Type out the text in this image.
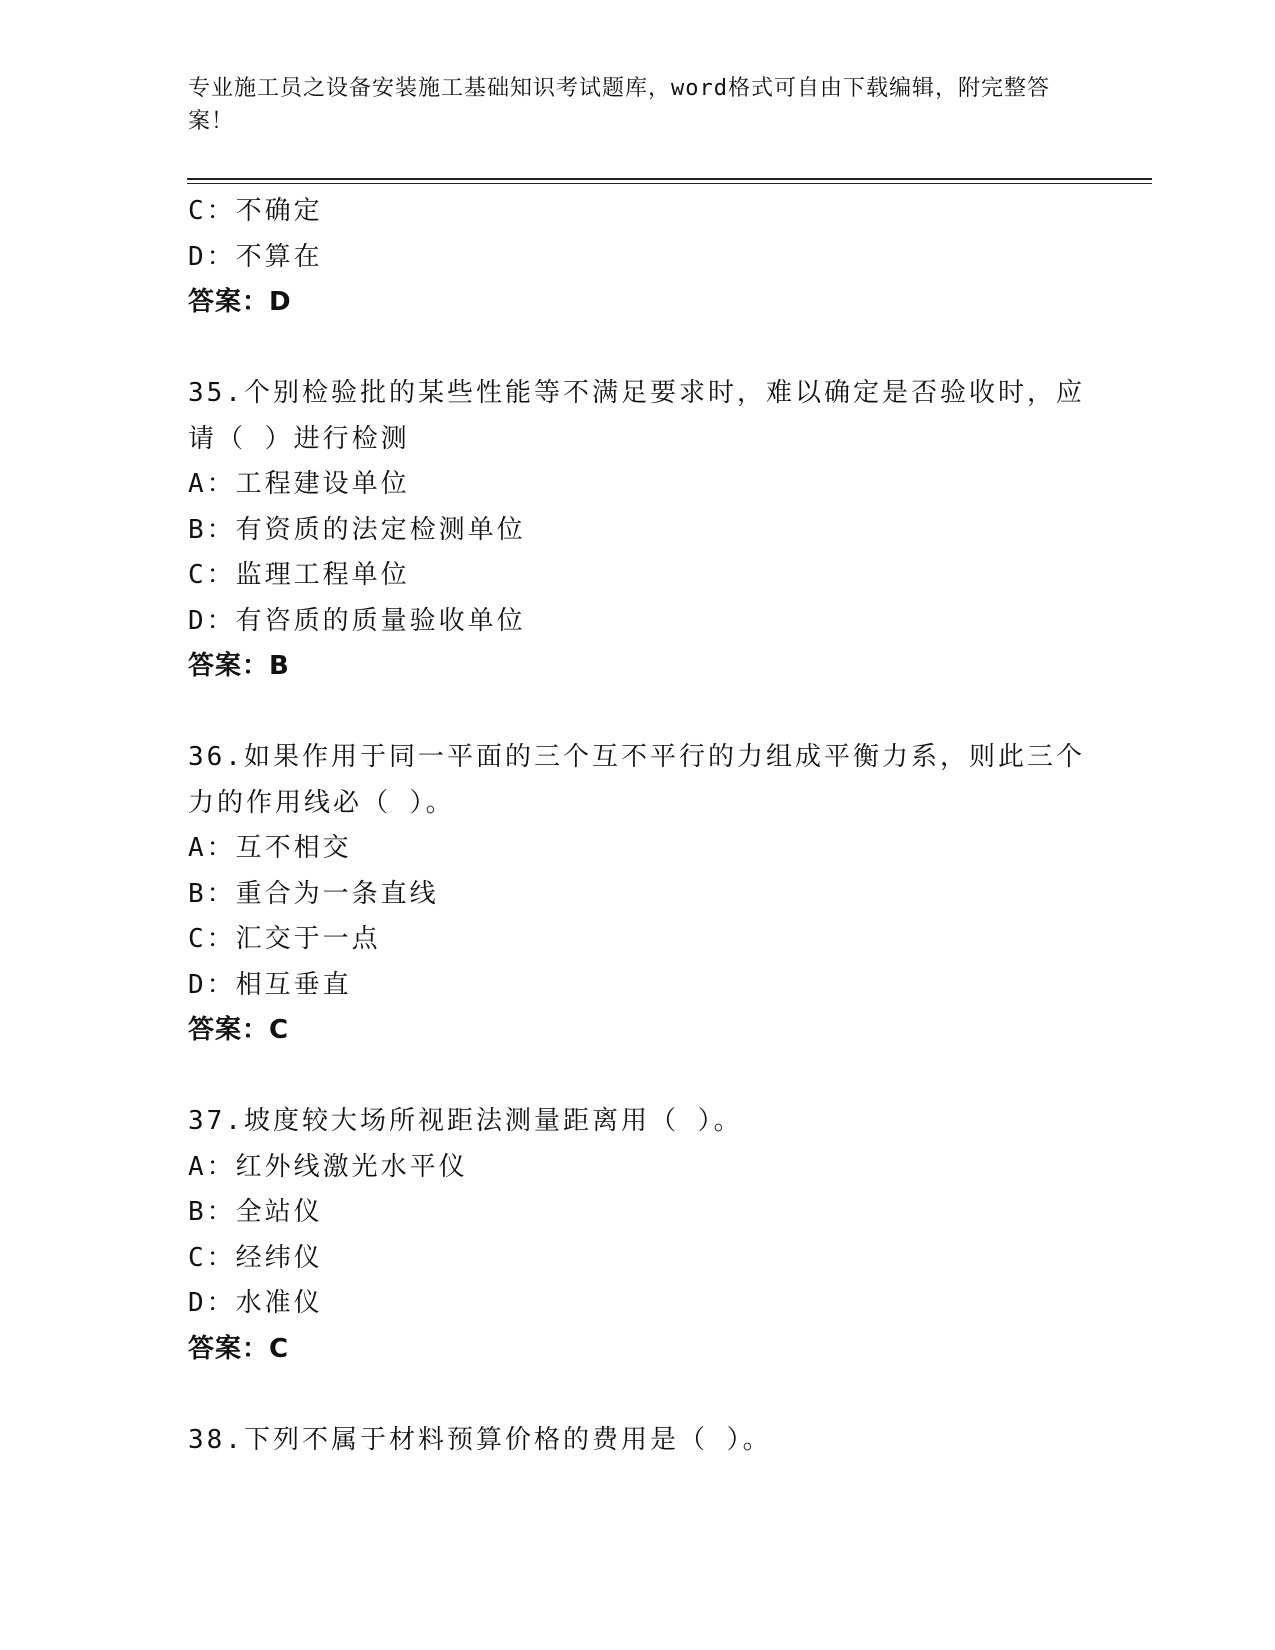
专业施工员之设备安装施工基础知识考试题库，word格式可自由下载编辑，附完整答案！
C：不确定
D：不算在
答案：D
35.个别检验批的某些性能等不满足要求时，难以确定是否验收时，应请（ ）进行检测
A：工程建设单位
B：有资质的法定检测单位
C：监理工程单位
D：有咨质的质量验收单位
答案：B
36.如果作用于同一平面的三个互不平行的力组成平衡力系，则此三个力的作用线必（ ）。
A：互不相交
B：重合为一条直线
C：汇交于一点
D：相互垂直
答案：C
37.坡度较大场所视距法测量距离用（ ）。
A：红外线激光水平仪
B：全站仪
C：经纬仪
D：水准仪
答案：C
38.下列不属于材料预算价格的费用是（ ）。
